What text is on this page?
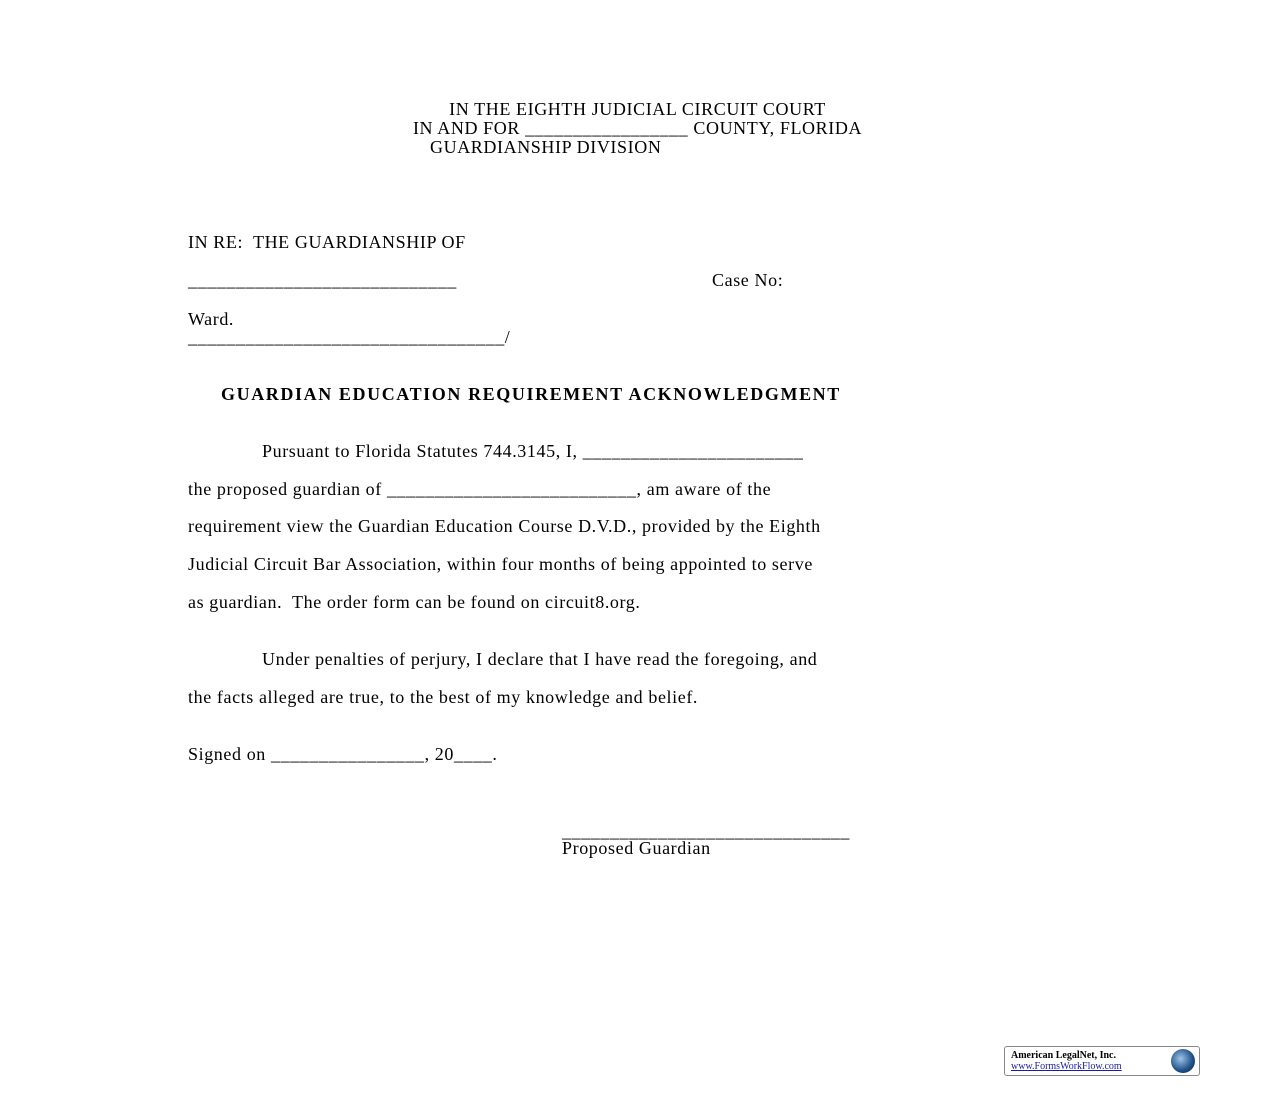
IN THE EIGHTH JUDICIAL CIRCUIT COURT
IN AND FOR _________________ COUNTY, FLORIDA
GUARDIANSHIP DIVISION
IN RE:  THE GUARDIANSHIP OF
____________________________	Case No:
Ward.
_________________________________/
GUARDIAN EDUCATION REQUIREMENT ACKNOWLEDGMENT
Pursuant to Florida Statutes 744.3145, I, _______________________
the proposed guardian of __________________________, am aware of the
requirement view the Guardian Education Course D.V.D., provided by the Eighth
Judicial Circuit Bar Association, within four months of being appointed to serve
as guardian.  The order form can be found on circuit8.org.
Under penalties of perjury, I declare that I have read the foregoing, and
the facts alleged are true, to the best of my knowledge and belief.
Signed on ________________, 20____.
______________________________
Proposed Guardian
American LegalNet, Inc.
www.FormsWorkFlow.com
